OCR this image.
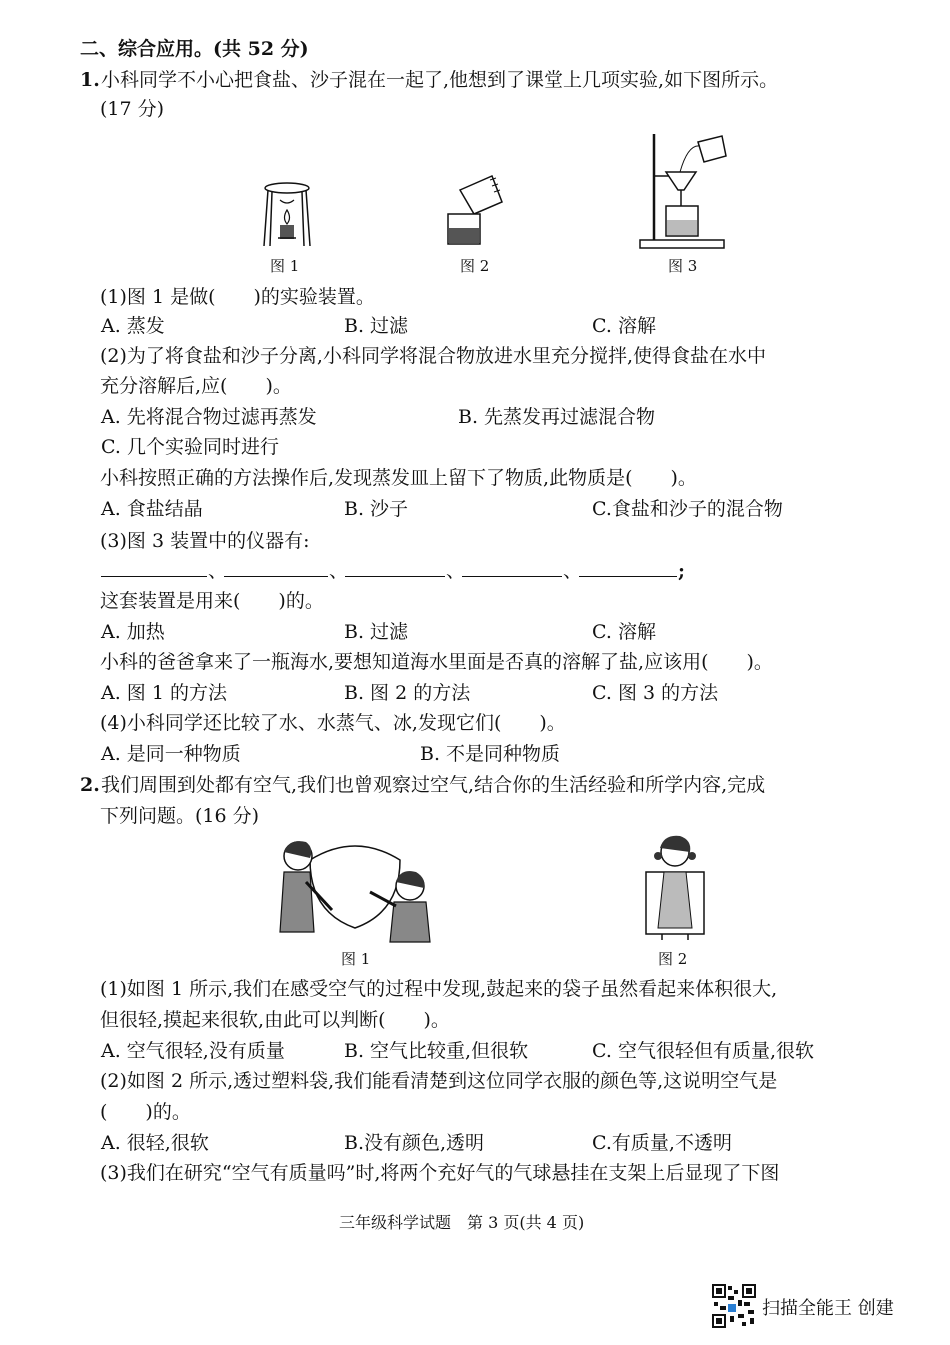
二、综合应用。(共 52 分)
1. 小科同学不小心把食盐、沙子混在一起了,他想到了课堂上几项实验,如下图所示。
(17 分)
图 1	图 2	图 3
(1)图 1 是做(　　)的实验装置。
A. 蒸发	B. 过滤	C. 溶解
(2)为了将食盐和沙子分离,小科同学将混合物放进水里充分搅拌,使得食盐在水中
充分溶解后,应(　　)。
A. 先将混合物过滤再蒸发	B. 先蒸发再过滤混合物
C. 几个实验同时进行
小科按照正确的方法操作后,发现蒸发皿上留下了物质,此物质是(　　)。
A. 食盐结晶	B. 沙子	C.食盐和沙子的混合物
(3)图 3 装置中的仪器有:
、	、	、	、	;
这套装置是用来(　　)的。
A. 加热	B. 过滤	C. 溶解
小科的爸爸拿来了一瓶海水,要想知道海水里面是否真的溶解了盐,应该用(　　)。
A. 图 1 的方法	B. 图 2 的方法	C. 图 3 的方法
(4)小科同学还比较了水、水蒸气、冰,发现它们(　　)。
A. 是同一种物质	B. 不是同种物质
2. 我们周围到处都有空气,我们也曾观察过空气,结合你的生活经验和所学内容,完成
下列问题。(16 分)
图 1	图 2
(1)如图 1 所示,我们在感受空气的过程中发现,鼓起来的袋子虽然看起来体积很大,
但很轻,摸起来很软,由此可以判断(　　)。
A. 空气很轻,没有质量	B. 空气比较重,但很软	C. 空气很轻但有质量,很软
(2)如图 2 所示,透过塑料袋,我们能看清楚到这位同学衣服的颜色等,这说明空气是
(　　)的。
A. 很轻,很软	B.没有颜色,透明	C.有质量,不透明
(3)我们在研究“空气有质量吗”时,将两个充好气的气球悬挂在支架上后显现了下图
三年级科学试题　第 3 页(共 4 页)
扫描全能王 创建
